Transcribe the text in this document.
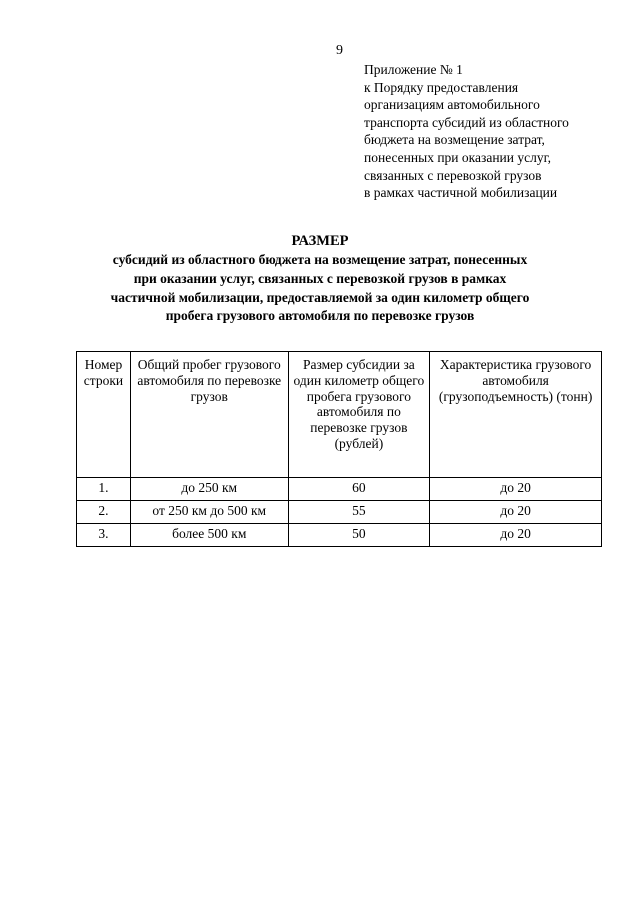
9
Приложение № 1
к Порядку предоставления
организациям автомобильного
транспорта субсидий из областного
бюджета на возмещение затрат,
понесенных при оказании услуг,
связанных с перевозкой грузов
в рамках частичной мобилизации
РАЗМЕР
субсидий из областного бюджета на возмещение затрат, понесенных
при оказании услуг, связанных с перевозкой грузов в рамках
частичной мобилизации, предоставляемой за один километр общего
пробега грузового автомобиля по перевозке грузов
Номер строки	Общий пробег грузового автомобиля по перевозке грузов	Размер субсидии за один километр общего пробега грузового автомобиля по перевозке грузов (рублей)	Характеристика грузового автомобиля (грузоподъемность) (тонн)
1.	до 250 км	60	до 20
2.	от 250 км до 500 км	55	до 20
3.	более 500 км	50	до 20
